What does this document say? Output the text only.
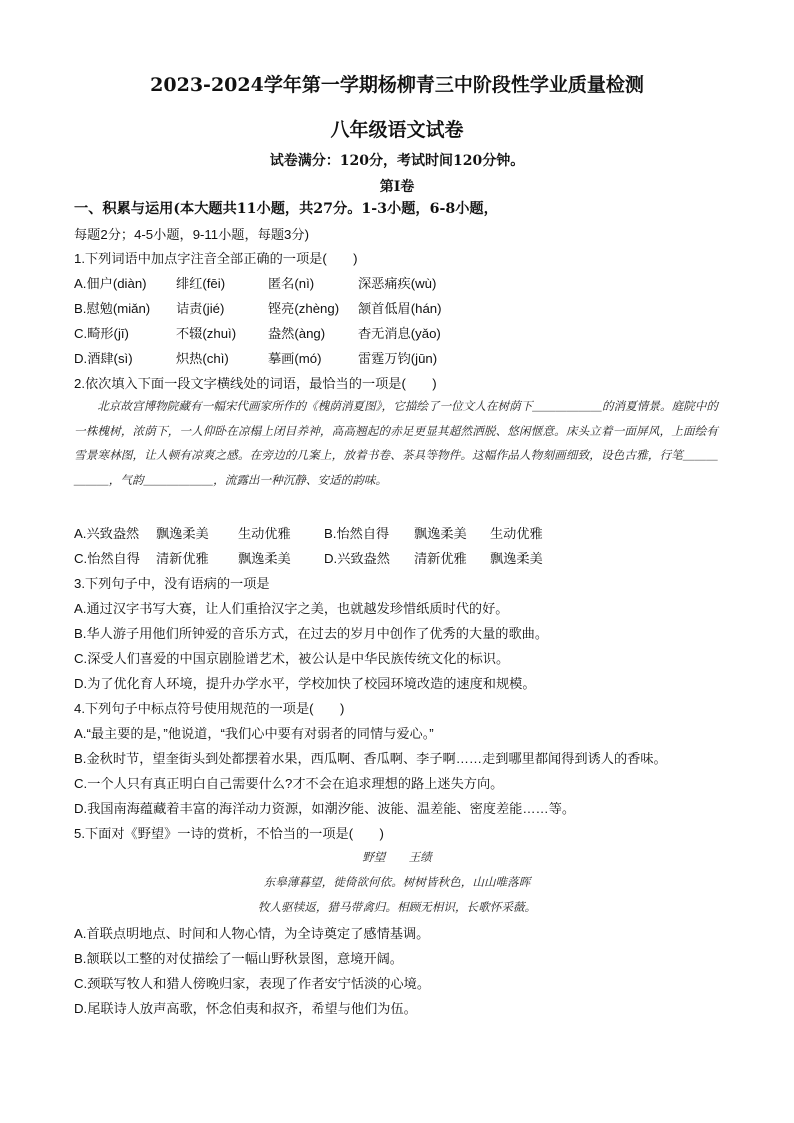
2023-2024学年第一学期杨柳青三中阶段性学业质量检测
八年级语文试卷
试卷满分：120分，考试时间120分钟。
第I卷
一、积累与运用(本大题共11小题，共27分。1-3小题，6-8小题，
每题2分；4-5小题，9-11小题，每题3分)
1.下列词语中加点字注音全部正确的一项是(　　)
A.佃户(diàn) 绯红(fēi)	匿名(nì)	深恶痛疾(wù)
B.慰勉(miǎn) 诘责(jié)	铿亮(zhèng) 颔首低眉(hán)
C.畸形(jī)	不辍(zhuì) 盎然(àng) 杳无消息(yǎo)
D.酒肆(sì)	炽热(chì)	摹画(mó)	雷霆万钧(jūn)
2.依次填入下面一段文字横线处的词语，最恰当的一项是(　　)
北京故宫博物院藏有一幅宋代画家所作的《槐荫消夏图》，它描绘了一位文人在树荫下＿＿＿＿＿＿的消夏情景。庭院中的一株槐树，浓荫下，一人仰卧在凉榻上闭目养神，高高翘起的赤足更显其超然洒脱、悠闲惬意。床头立着一面屏风，上面绘有雪景寒林图，让人顿有凉爽之感。在旁边的几案上，放着书卷、茶具等物件。这幅作品人物刻画细致，设色古雅，行笔＿＿＿＿＿＿，气韵＿＿＿＿＿＿，流露出一种沉静、安适的韵味。
A.兴致盎然 飘逸柔美 生动优雅	B.怡然自得 飘逸柔美 生动优雅
C.怡然自得 清新优雅 飘逸柔美	D.兴致盎然 清新优雅 飘逸柔美
3.下列句子中，没有语病的一项是
A.通过汉字书写大赛，让人们重拾汉字之美，也就越发珍惜纸质时代的好。
B.华人游子用他们所钟爱的音乐方式，在过去的岁月中创作了优秀的大量的歌曲。
C.深受人们喜爱的中国京剧脸谱艺术，被公认是中华民族传统文化的标识。
D.为了优化育人环境，提升办学水平，学校加快了校园环境改造的速度和规模。
4.下列句子中标点符号使用规范的一项是(　　)
A.“最主要的是，”他说道，“我们心中要有对弱者的同情与爱心。”
B.金秋时节，望奎街头到处都摆着水果，西瓜啊、香瓜啊、李子啊……走到哪里都闻得到诱人的香味。
C.一个人只有真正明白自己需要什么?才不会在追求理想的路上迷失方向。
D.我国南海蕴藏着丰富的海洋动力资源，如潮汐能、波能、温差能、密度差能……等。
5.下面对《野望》一诗的赏析，不恰当的一项是(　　)
野望　　王绩
东皋薄暮望，徙倚欲何依。树树皆秋色，山山唯落晖
牧人驱犊返，猎马带禽归。相顾无相识，长歌怀采薇。
A.首联点明地点、时间和人物心情，为全诗奠定了感情基调。
B.颔联以工整的对仗描绘了一幅山野秋景图，意境开阔。
C.颈联写牧人和猎人傍晚归家，表现了作者安宁恬淡的心境。
D.尾联诗人放声高歌，怀念伯夷和叔齐，希望与他们为伍。
